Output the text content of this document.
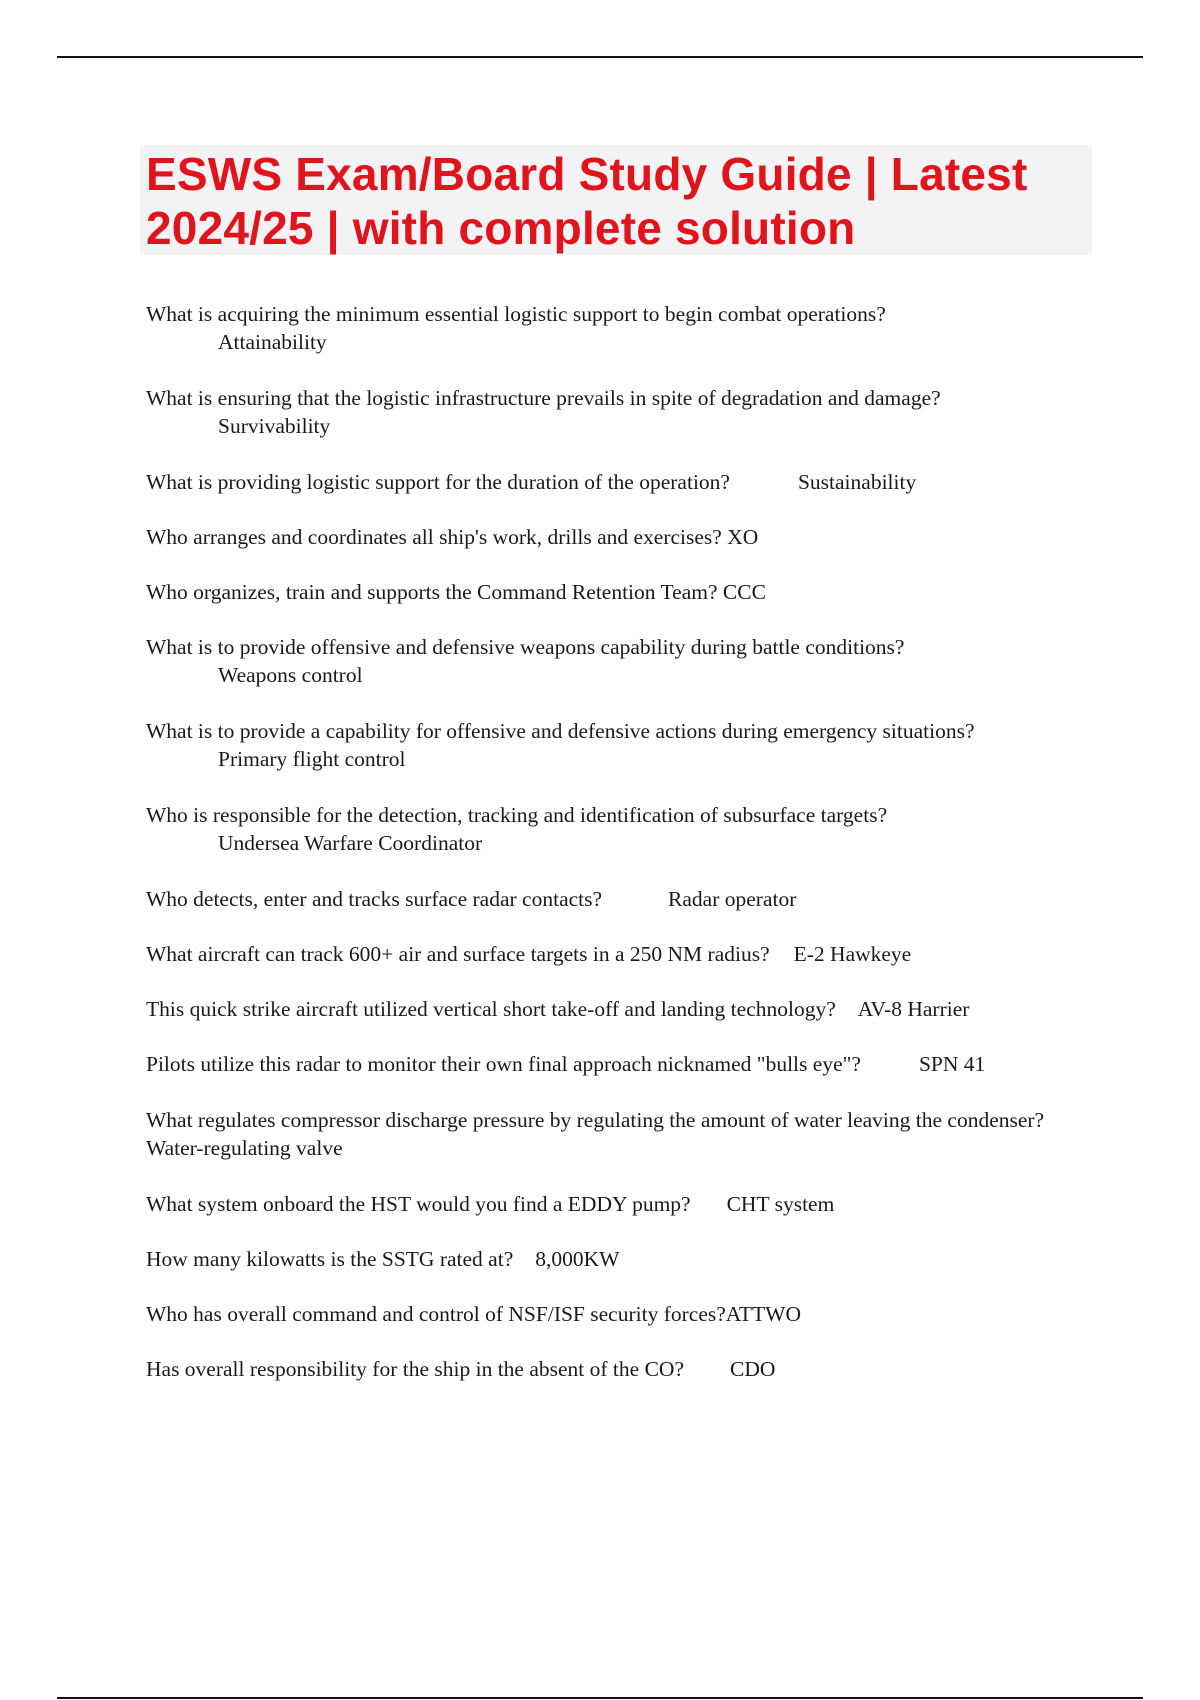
ESWS Exam/Board Study Guide | Latest 2024/25 | with complete solution
What is acquiring the minimum essential logistic support to begin combat operations?
Attainability
What is ensuring that the logistic infrastructure prevails in spite of degradation and damage?
Survivability
What is providing logistic support for the duration of the operation?	Sustainability
Who arranges and coordinates all ship's work, drills and exercises? XO
Who organizes, train and supports the Command Retention Team? CCC
What is to provide offensive and defensive weapons capability during battle conditions?
Weapons control
What is to provide a capability for offensive and defensive actions during emergency situations?
Primary flight control
Who is responsible for the detection, tracking and identification of subsurface targets?
Undersea Warfare Coordinator
Who detects, enter and tracks surface radar contacts?	Radar operator
What aircraft can track 600+ air and surface targets in a 250 NM radius? E-2 Hawkeye
This quick strike aircraft utilized vertical short take-off and landing technology? AV-8 Harrier
Pilots utilize this radar to monitor their own final approach nicknamed "bulls eye"?	SPN 41
What regulates compressor discharge pressure by regulating the amount of water leaving the condenser?Water-regulating valve
What system onboard the HST would you find a EDDY pump? CHT system
How many kilowatts is the SSTG rated at? 8,000KW
Who has overall command and control of NSF/ISF security forces?ATTWO
Has overall responsibility for the ship in the absent of the CO? CDO
